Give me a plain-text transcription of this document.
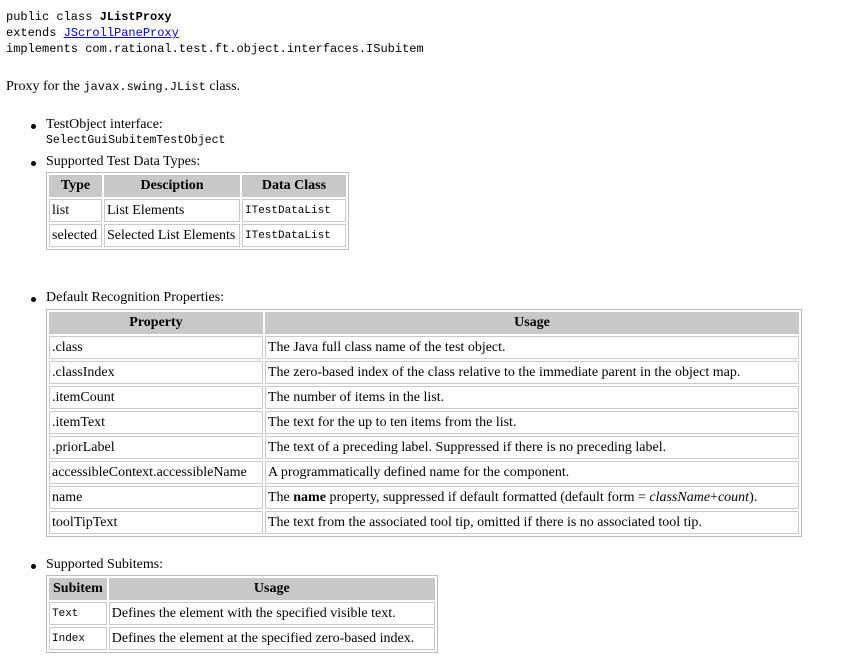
public class JListProxy
extends JScrollPaneProxy
implements com.rational.test.ft.object.interfaces.ISubitem
Proxy for the javax.swing.JList class.
TestObject interface:
SelectGuiSubitemTestObject
Supported Test Data Types:
Type	Desciption	Data Class
list	List Elements	ITestDataList
selected	Selected List Elements	ITestDataList
Default Recognition Properties:
Property	Usage
.class	The Java full class name of the test object.
.classIndex	The zero-based index of the class relative to the immediate parent in the object map.
.itemCount	The number of items in the list.
.itemText	The text for the up to ten items from the list.
.priorLabel	The text of a preceding label. Suppressed if there is no preceding label.
accessibleContext.accessibleName	A programmatically defined name for the component.
name	The name property, suppressed if default formatted (default form = className+count).
toolTipText	The text from the associated tool tip, omitted if there is no associated tool tip.
Supported Subitems:
Subitem	Usage
Text	Defines the element with the specified visible text.
Index	Defines the element at the specified zero-based index.
